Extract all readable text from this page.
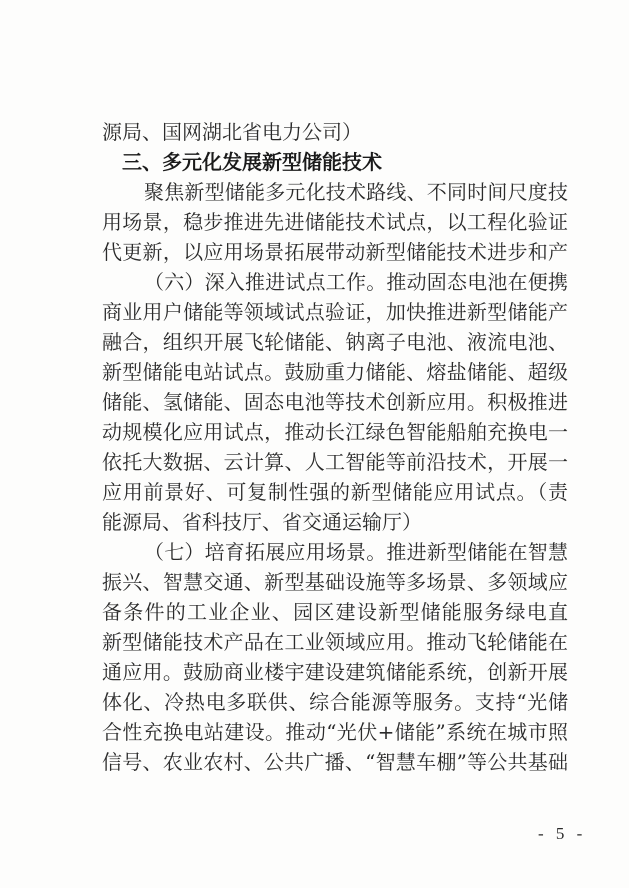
源局、国网湖北省电力公司）
三、多元化发展新型储能技术
聚焦新型储能多元化技术路线、不同时间尺度技
用场景，稳步推进先进储能技术试点，以工程化验证
代更新，以应用场景拓展带动新型储能技术进步和产
（六）深入推进试点工作。推动固态电池在便携
商业用户储能等领域试点验证，加快推进新型储能产
融合，组织开展飞轮储能、钠离子电池、液流电池、
新型储能电站试点。鼓励重力储能、熔盐储能、超级
储能、氢储能、固态电池等技术创新应用。积极推进
动规模化应用试点，推动长江绿色智能船舶充换电一
依托大数据、云计算、人工智能等前沿技术，开展一
应用前景好、可复制性强的新型储能应用试点。（责
能源局、省科技厅、省交通运输厅）
（七）培育拓展应用场景。推进新型储能在智慧
振兴、智慧交通、新型基础设施等多场景、多领域应
备条件的工业企业、园区建设新型储能服务绿电直
新型储能技术产品在工业领域应用。推动飞轮储能在
通应用。鼓励商业楼宇建设建筑储能系统，创新开展
体化、冷热电多联供、综合能源等服务。支持“光储
合性充换电站建设。推动“光伏+储能”系统在城市照
信号、农业农村、公共广播、“智慧车棚”等公共基础
- 5 -
